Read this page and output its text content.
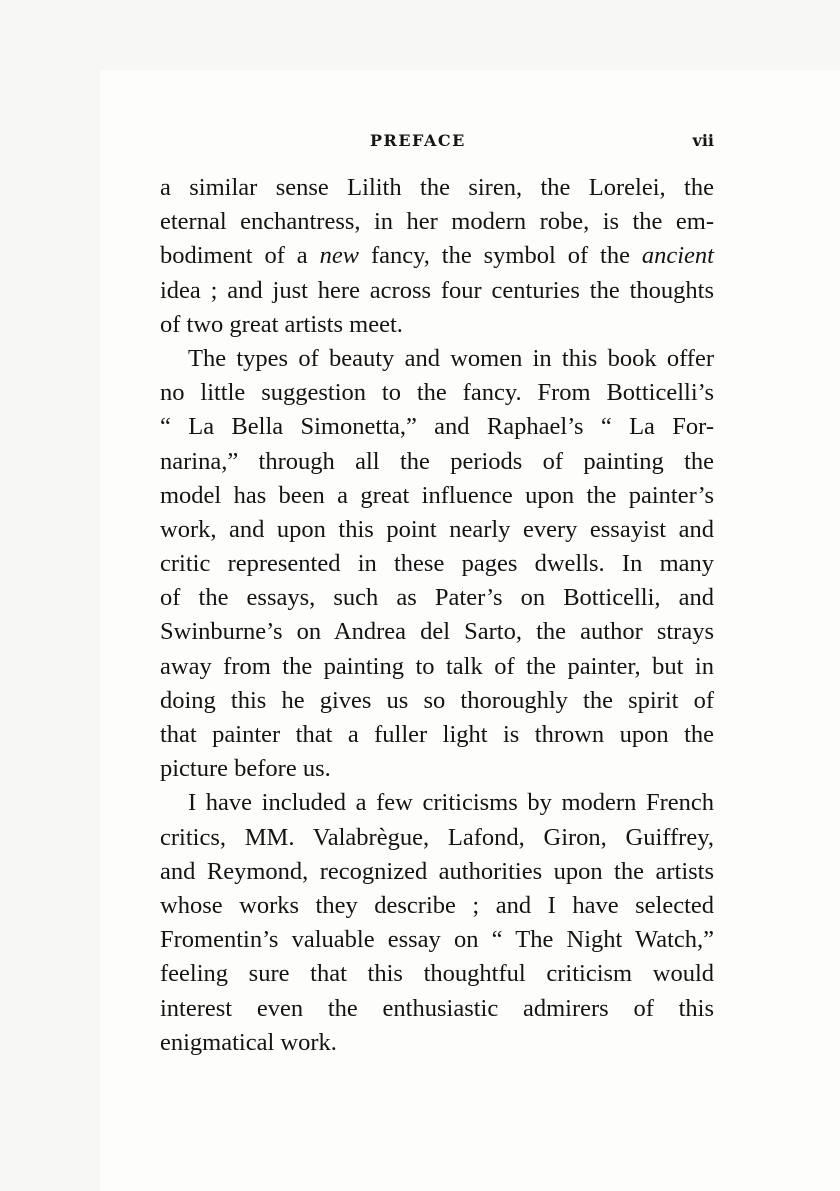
PREFACE	vii
a similar sense Lilith the siren, the Lorelei, the
eternal enchantress, in her modern robe, is the em-
bodiment of a new fancy, the symbol of the ancient
idea ; and just here across four centuries the thoughts
of two great artists meet.
The types of beauty and women in this book offer
no little suggestion to the fancy. From Botticelli’s
“ La Bella Simonetta,” and Raphael’s “ La For-
narina,” through all the periods of painting the
model has been a great influence upon the painter’s
work, and upon this point nearly every essayist and
critic represented in these pages dwells. In many
of the essays, such as Pater’s on Botticelli, and
Swinburne’s on Andrea del Sarto, the author strays
away from the painting to talk of the painter, but in
doing this he gives us so thoroughly the spirit of
that painter that a fuller light is thrown upon the
picture before us.
I have included a few criticisms by modern French
critics, MM. Valabrègue, Lafond, Giron, Guiffrey,
and Reymond, recognized authorities upon the artists
whose works they describe ; and I have selected
Fromentin’s valuable essay on “ The Night Watch,”
feeling sure that this thoughtful criticism would
interest even the enthusiastic admirers of this
enigmatical work.
